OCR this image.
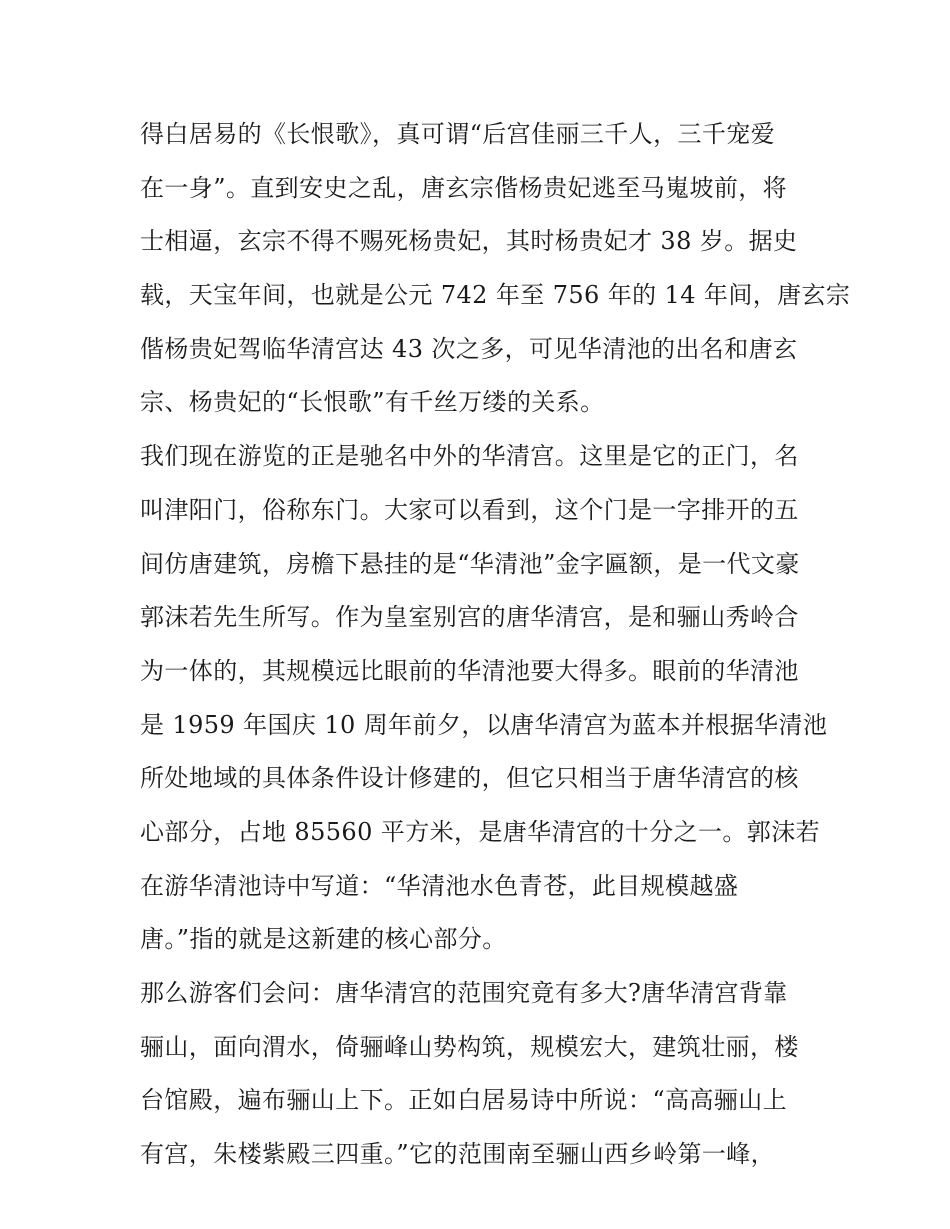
得白居易的《长恨歌》，真可谓“后宫佳丽三千人，三千宠爱
在一身”。直到安史之乱，唐玄宗偕杨贵妃逃至马嵬坡前，将
士相逼，玄宗不得不赐死杨贵妃，其时杨贵妃才 38 岁。据史
载，天宝年间，也就是公元 742 年至 756 年的 14 年间，唐玄宗
偕杨贵妃驾临华清宫达 43 次之多，可见华清池的出名和唐玄
宗、杨贵妃的“长恨歌”有千丝万缕的关系。
我们现在游览的正是驰名中外的华清宫。这里是它的正门，名
叫津阳门，俗称东门。大家可以看到，这个门是一字排开的五
间仿唐建筑，房檐下悬挂的是“华清池”金字匾额，是一代文豪
郭沫若先生所写。作为皇室别宫的唐华清宫，是和骊山秀岭合
为一体的，其规模远比眼前的华清池要大得多。眼前的华清池
是 1959 年国庆 10 周年前夕，以唐华清宫为蓝本并根据华清池
所处地域的具体条件设计修建的，但它只相当于唐华清宫的核
心部分，占地 85560 平方米，是唐华清宫的十分之一。郭沫若
在游华清池诗中写道：“华清池水色青苍，此目规模越盛
唐。”指的就是这新建的核心部分。
那么游客们会问：唐华清宫的范围究竟有多大?唐华清宫背靠
骊山，面向渭水，倚骊峰山势构筑，规模宏大，建筑壮丽，楼
台馆殿，遍布骊山上下。正如白居易诗中所说：“高高骊山上
有宫，朱楼紫殿三四重。”它的范围南至骊山西乡岭第一峰，
